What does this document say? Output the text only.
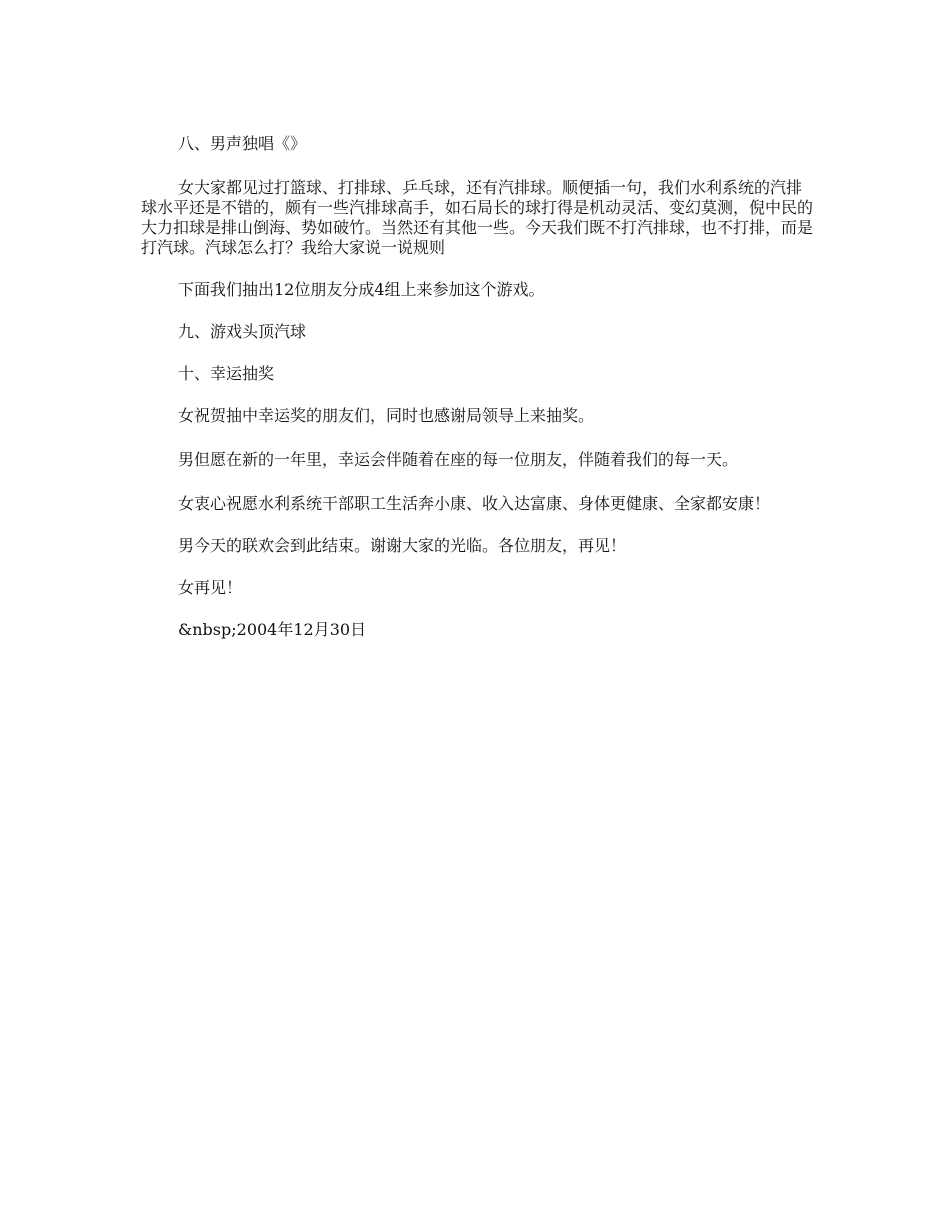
八、男声独唱《》

女大家都见过打篮球、打排球、乒乓球，还有汽排球。顺便插一句，我们水利系统的汽排球水平还是不错的，颇有一些汽排球高手，如石局长的球打得是机动灵活、变幻莫测，倪中民的大力扣球是排山倒海、势如破竹。当然还有其他一些。今天我们既不打汽排球，也不打排，而是打汽球。汽球怎么打？我给大家说一说规则

下面我们抽出12位朋友分成4组上来参加这个游戏。

九、游戏头顶汽球

十、幸运抽奖

女祝贺抽中幸运奖的朋友们，同时也感谢局领导上来抽奖。

男但愿在新的一年里，幸运会伴随着在座的每一位朋友，伴随着我们的每一天。

女衷心祝愿水利系统干部职工生活奔小康、收入达富康、身体更健康、全家都安康！

男今天的联欢会到此结束。谢谢大家的光临。各位朋友，再见！

女再见！

&nbsp;2004年12月30日
